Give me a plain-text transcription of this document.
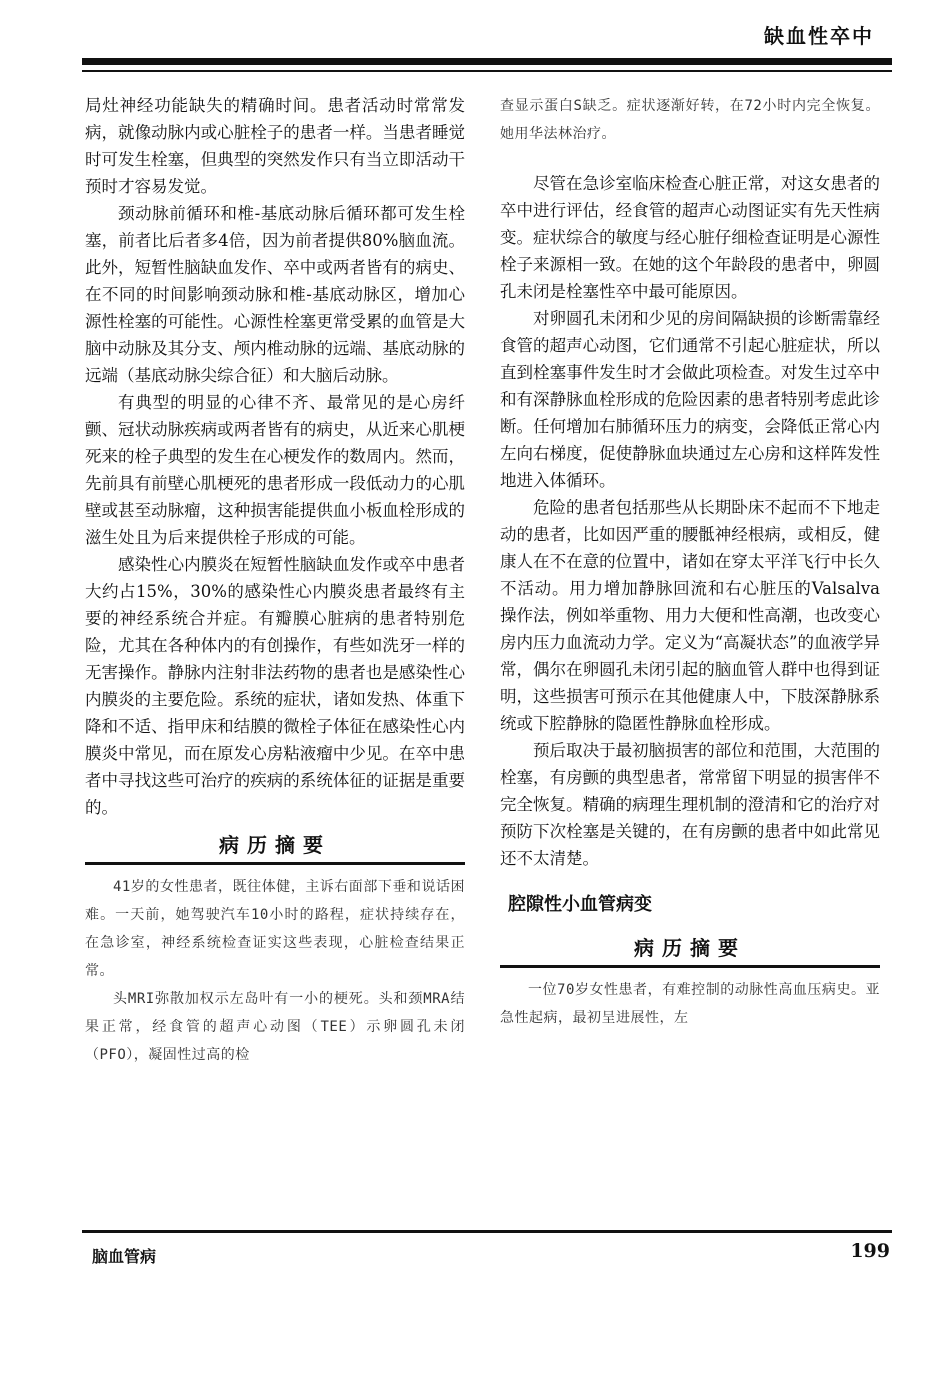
缺血性卒中

局灶神经功能缺失的精确时间。患者活动时常常发病，就像动脉内或心脏栓子的患者一样。当患者睡觉时可发生栓塞，但典型的突然发作只有当立即活动干预时才容易发觉。

颈动脉前循环和椎-基底动脉后循环都可发生栓塞，前者比后者多4倍，因为前者提供80%脑血流。此外，短暂性脑缺血发作、卒中或两者皆有的病史、在不同的时间影响颈动脉和椎-基底动脉区，增加心源性栓塞的可能性。心源性栓塞更常受累的血管是大脑中动脉及其分支、颅内椎动脉的远端、基底动脉的远端（基底动脉尖综合征）和大脑后动脉。

有典型的明显的心律不齐、最常见的是心房纤颤、冠状动脉疾病或两者皆有的病史，从近来心肌梗死来的栓子典型的发生在心梗发作的数周内。然而，先前具有前壁心肌梗死的患者形成一段低动力的心肌壁或甚至动脉瘤，这种损害能提供血小板血栓形成的滋生处且为后来提供栓子形成的可能。

感染性心内膜炎在短暂性脑缺血发作或卒中患者大约占15%，30%的感染性心内膜炎患者最终有主要的神经系统合并症。有瓣膜心脏病的患者特别危险，尤其在各种体内的有创操作，有些如洗牙一样的无害操作。静脉内注射非法药物的患者也是感染性心内膜炎的主要危险。系统的症状，诸如发热、体重下降和不适、指甲床和结膜的微栓子体征在感染性心内膜炎中常见，而在原发心房粘液瘤中少见。在卒中患者中寻找这些可治疗的疾病的系统体征的证据是重要的。

病历摘要

41岁的女性患者，既往体健，主诉右面部下垂和说话困难。一天前，她驾驶汽车10小时的路程，症状持续存在，在急诊室，神经系统检查证实这些表现，心脏检查结果正常。

头MRI弥散加权示左岛叶有一小的梗死。头和颈MRA结果正常，经食管的超声心动图（TEE）示卵圆孔未闭（PFO），凝固性过高的检

查显示蛋白S缺乏。症状逐渐好转，在72小时内完全恢复。她用华法林治疗。

尽管在急诊室临床检查心脏正常，对这女患者的卒中进行评估，经食管的超声心动图证实有先天性病变。症状综合的敏度与经心脏仔细检查证明是心源性栓子来源相一致。在她的这个年龄段的患者中，卵圆孔未闭是栓塞性卒中最可能原因。

对卵圆孔未闭和少见的房间隔缺损的诊断需靠经食管的超声心动图，它们通常不引起心脏症状，所以直到栓塞事件发生时才会做此项检查。对发生过卒中和有深静脉血栓形成的危险因素的患者特别考虑此诊断。任何增加右肺循环压力的病变，会降低正常心内左向右梯度，促使静脉血块通过左心房和这样阵发性地进入体循环。

危险的患者包括那些从长期卧床不起而不下地走动的患者，比如因严重的腰骶神经根病，或相反，健康人在不在意的位置中，诸如在穿太平洋飞行中长久不活动。用力增加静脉回流和右心脏压的Valsalva操作法，例如举重物、用力大便和性高潮，也改变心房内压力血流动力学。定义为“高凝状态”的血液学异常，偶尔在卵圆孔未闭引起的脑血管人群中也得到证明，这些损害可预示在其他健康人中，下肢深静脉系统或下腔静脉的隐匿性静脉血栓形成。

预后取决于最初脑损害的部位和范围，大范围的栓塞，有房颤的典型患者，常常留下明显的损害伴不完全恢复。精确的病理生理机制的澄清和它的治疗对预防下次栓塞是关键的，在有房颤的患者中如此常见还不太清楚。

腔隙性小血管病变
病历摘要

一位70岁女性患者，有难控制的动脉性高血压病史。亚急性起病，最初呈进展性，左

脑血管病	199
